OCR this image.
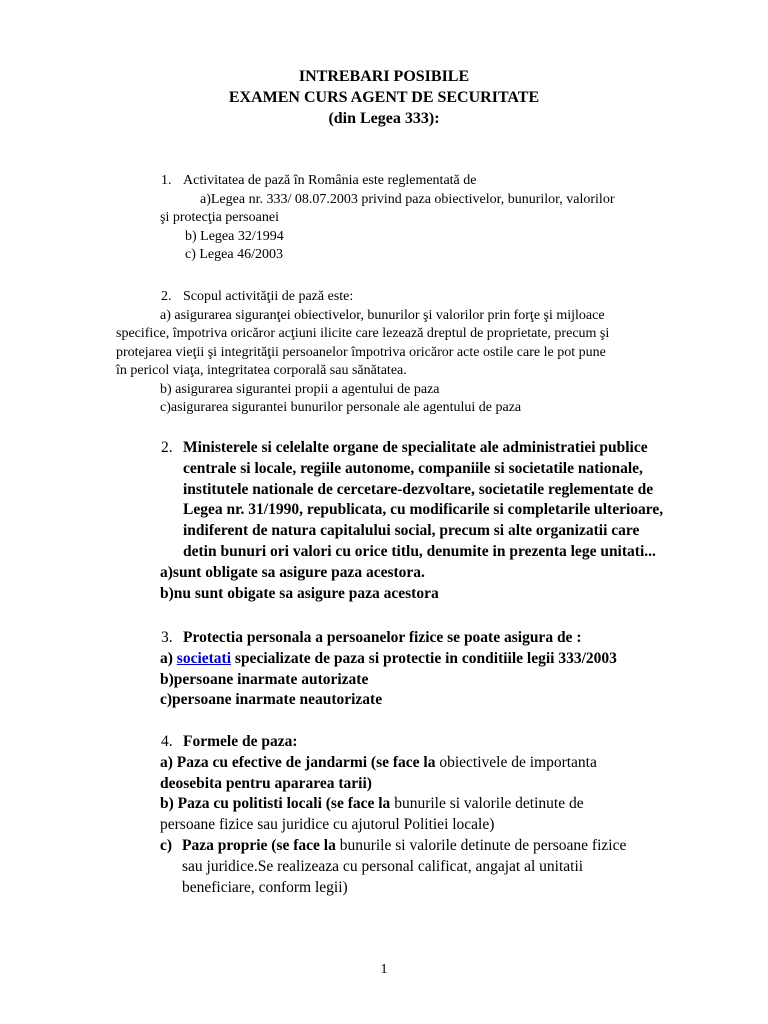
INTREBARI POSIBILE
EXAMEN CURS AGENT DE SECURITATE
(din Legea 333):
1. Activitatea de pază în România este reglementată de
a)Legea nr. 333/ 08.07.2003 privind paza obiectivelor, bunurilor, valorilor
şi protecţia persoanei
b) Legea 32/1994
c) Legea 46/2003
2. Scopul activităţii de pază este:
a) asigurarea siguranţei obiectivelor, bunurilor şi valorilor prin forţe şi mijloace
specifice, împotriva oricăror acţiuni ilicite care lezează dreptul de proprietate, precum şi
protejarea vieţii şi integrităţii persoanelor împotriva oricăror acte ostile care le pot pune
în pericol viaţa, integritatea corporală sau sănătatea.
b) asigurarea sigurantei propii a agentului de paza
c)asigurarea sigurantei bunurilor personale ale agentului de paza
2. Ministerele si celelalte organe de specialitate ale administratiei publice
centrale si locale, regiile autonome, companiile si societatile nationale,
institutele nationale de cercetare-dezvoltare, societatile reglementate de
Legea nr. 31/1990, republicata, cu modificarile si completarile ulterioare,
indiferent de natura capitalului social, precum si alte organizatii care
detin bunuri ori valori cu orice titlu, denumite in prezenta lege unitati...
a)sunt obligate sa asigure paza acestora.
b)nu sunt obigate sa asigure paza acestora
3. Protectia personala a persoanelor fizice se poate asigura de :
a) societati specializate de paza si protectie in conditiile legii 333/2003
b)persoane inarmate autorizate
c)persoane inarmate neautorizate
4. Formele de paza:
a) Paza cu efective de jandarmi (se face la obiectivele de importanta
deosebita pentru apararea tarii)
b) Paza cu politisti locali (se face la bunurile si valorile detinute de
persoane fizice sau juridice cu ajutorul Politiei locale)
c) Paza proprie (se face la bunurile si valorile detinute de persoane fizice
sau juridice.Se realizeaza cu personal calificat, angajat al unitatii
beneficiare, conform legii)
1
